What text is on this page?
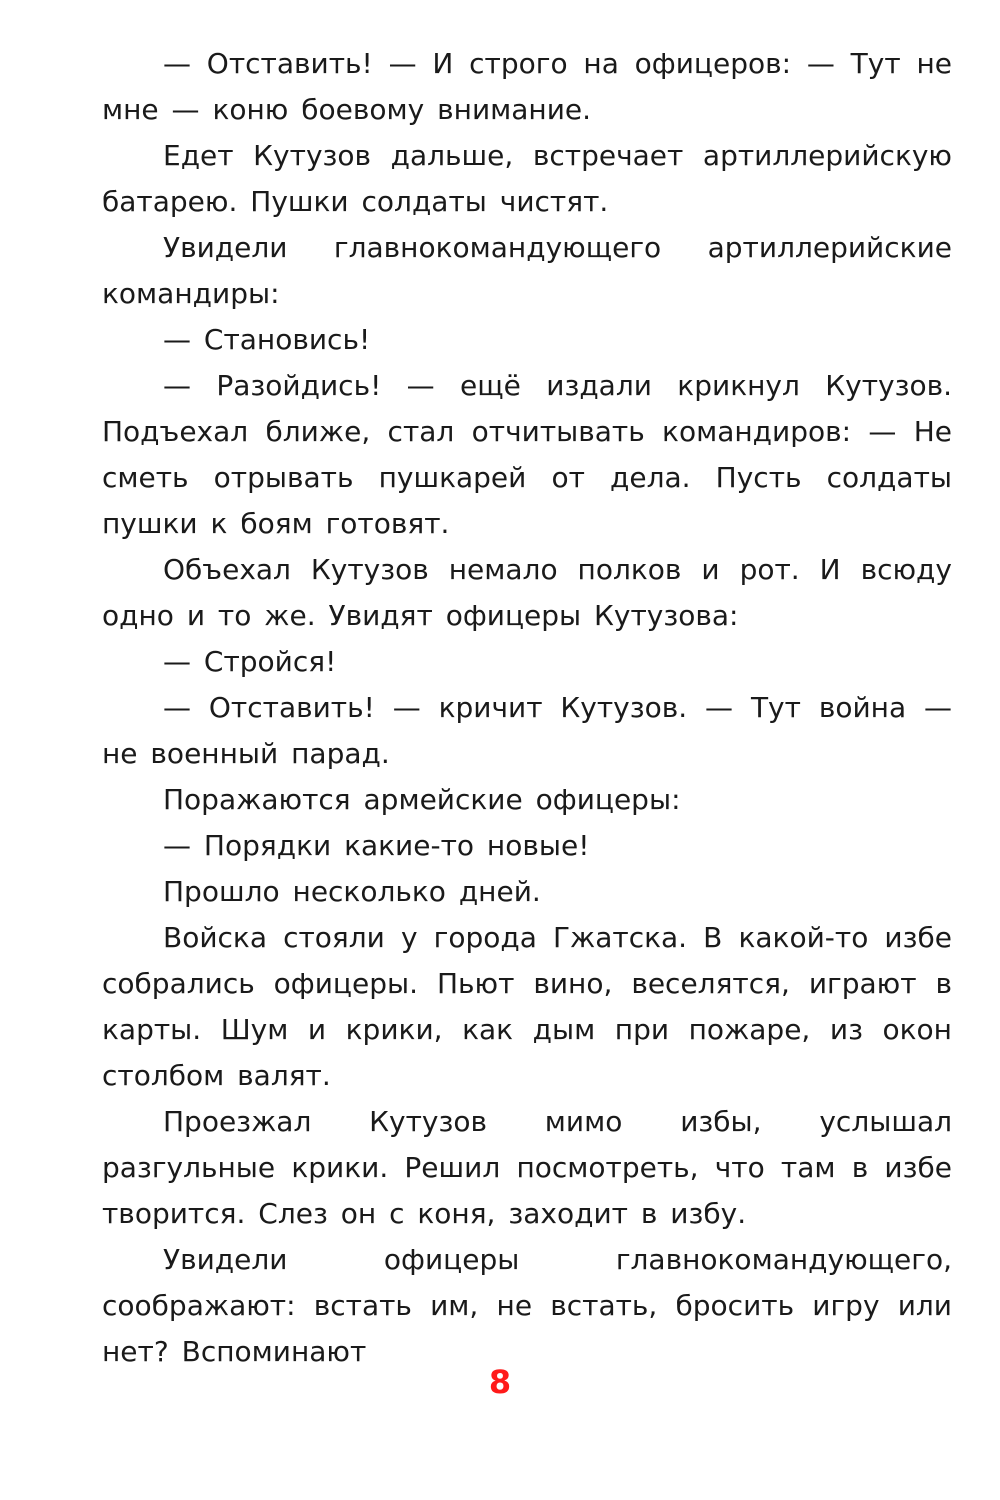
— Отставить! — И строго на офицеров: — Тут не мне — коню боевому внимание.

Едет Кутузов дальше, встречает артиллерийскую батарею. Пушки солдаты чистят.

Увидели главнокомандующего артиллерийские командиры:

— Становись!

— Разойдись! — ещё издали крикнул Кутузов. Подъехал ближе, стал отчитывать командиров: — Не сметь отрывать пушкарей от дела. Пусть солдаты пушки к боям готовят.

Объехал Кутузов немало полков и рот. И всюду одно и то же. Увидят офицеры Кутузова:

— Стройся!

— Отставить! — кричит Кутузов. — Тут война — не военный парад.

Поражаются армейские офицеры:

— Порядки какие-то новые!

Прошло несколько дней.

Войска стояли у города Гжатска. В какой-то избе собрались офицеры. Пьют вино, веселятся, играют в карты. Шум и крики, как дым при пожаре, из окон столбом валят.

Проезжал Кутузов мимо избы, услышал разгульные крики. Решил посмотреть, что там в избе творится. Слез он с коня, заходит в избу.

Увидели офицеры главнокомандующего, соображают: встать им, не встать, бросить игру или нет? Вспоминают

8
